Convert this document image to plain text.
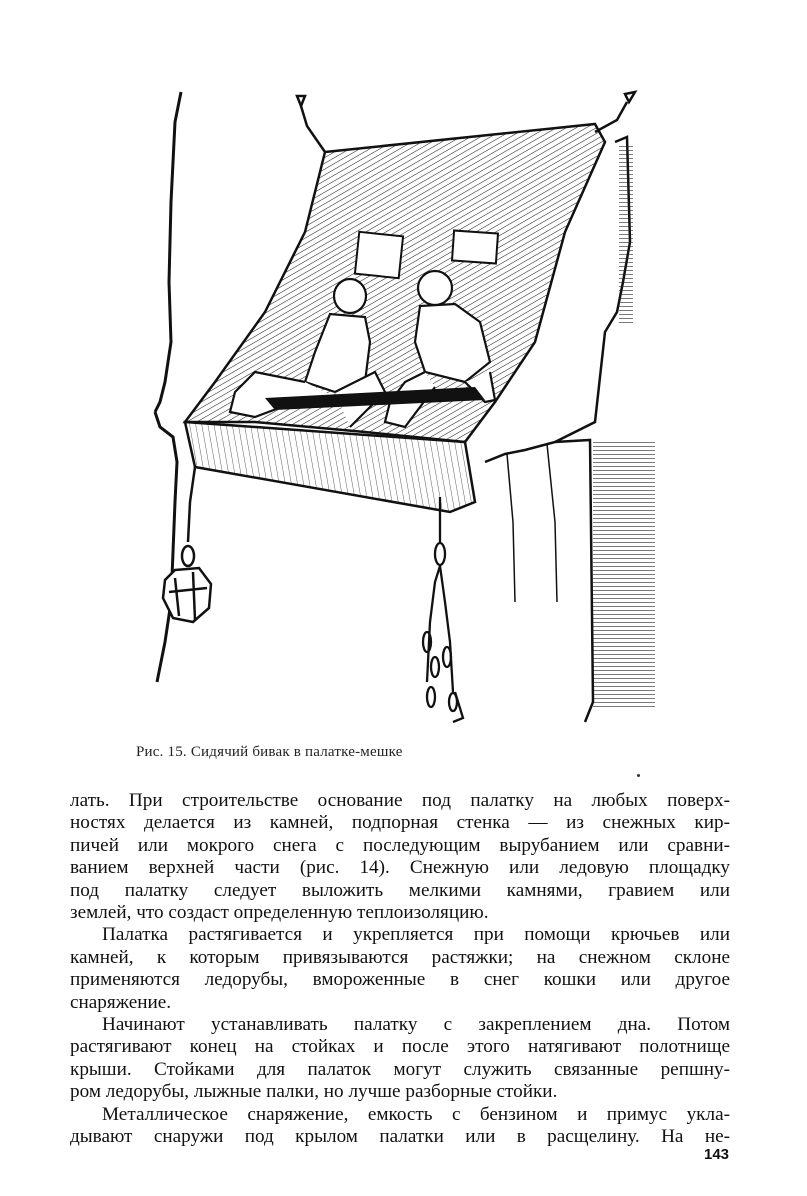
Рис. 15. Сидячий бивак в палатке-мешке

лать. При строительстве основание под палатку на любых поверх-
ностях делается из камней, подпорная стенка — из снежных кир-
пичей или мокрого снега с последующим вырубанием или сравни-
ванием верхней части (рис. 14). Снежную или ледовую площадку
под палатку следует выложить мелкими камнями, гравием или
землей, что создаст определенную теплоизоляцию.

Палатка растягивается и укрепляется при помощи крючьев или
камней, к которым привязываются растяжки; на снежном склоне
применяются ледорубы, вмороженные в снег кошки или другое
снаряжение.

Начинают устанавливать палатку с закреплением дна. Потом
растягивают конец на стойках и после этого натягивают полотнище
крыши. Стойками для палаток могут служить связанные репшну-
ром ледорубы, лыжные палки, но лучше разборные стойки.

Металлическое снаряжение, емкость с бензином и примус укла-
дывают снаружи под крылом палатки или в расщелину. На не-

143
